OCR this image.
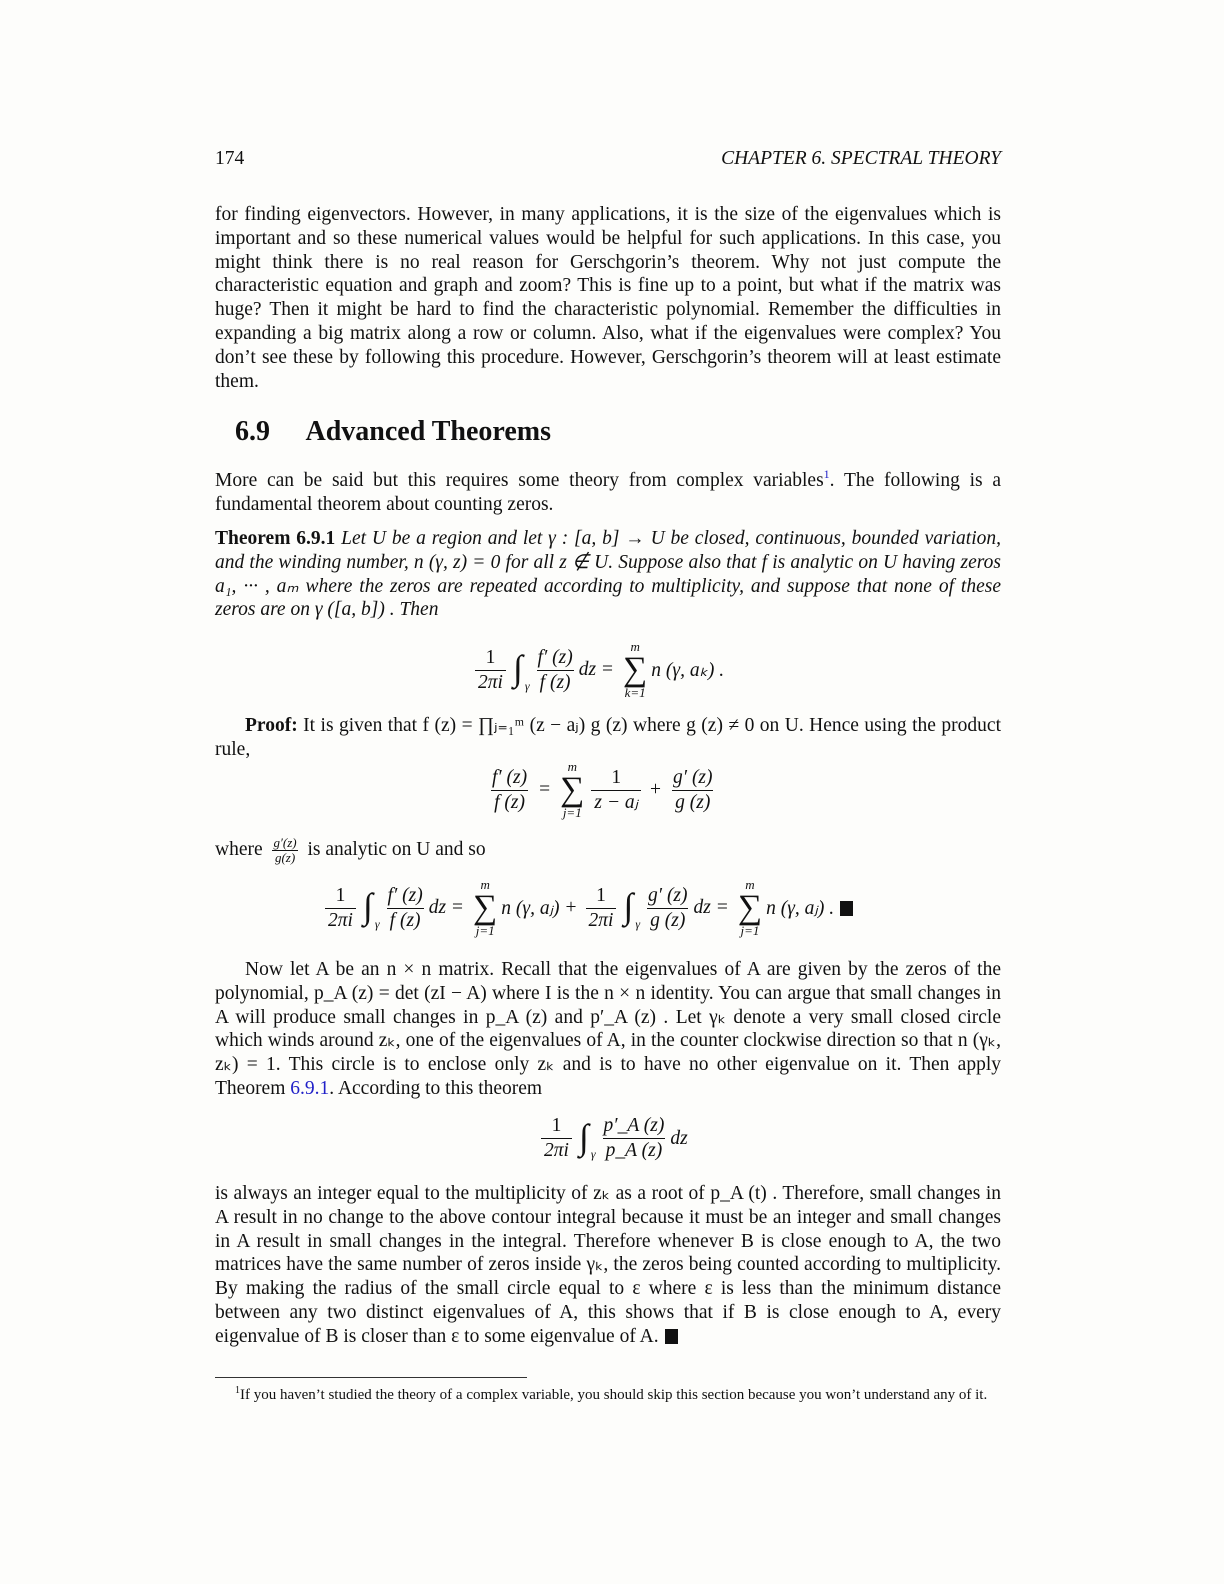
174	CHAPTER 6. SPECTRAL THEORY
for finding eigenvectors. However, in many applications, it is the size of the eigenvalues which is important and so these numerical values would be helpful for such applications. In this case, you might think there is no real reason for Gerschgorin’s theorem. Why not just compute the characteristic equation and graph and zoom? This is fine up to a point, but what if the matrix was huge? Then it might be hard to find the characteristic polynomial. Remember the difficulties in expanding a big matrix along a row or column. Also, what if the eigenvalues were complex? You don’t see these by following this procedure. However, Gerschgorin’s theorem will at least estimate them.
6.9 Advanced Theorems
More can be said but this requires some theory from complex variables$^1$. The following is a fundamental theorem about counting zeros.
Theorem 6.9.1 Let U be a region and let γ : [a, b] → U be closed, continuous, bounded variation, and the winding number, n (γ, z) = 0 for all z ∉ U. Suppose also that f is analytic on U having zeros a₁, ··· , aₘ where the zeros are repeated according to multiplicity, and suppose that none of these zeros are on γ ([a, b]) . Then
$\frac{1}{2\pi i}$ ∫ γ $\frac{f' (z)}{f (z)}$ dz =
m
∑
k=1
n (γ, aₖ) .
Proof: It is given that f (z) = ∏ⱼ₌₁ᵐ (z − aⱼ) g (z) where g (z) ≠ 0 on U. Hence using the product rule,
$\frac{f' (z)}{f (z)}$ =
m
∑
$j=1 \frac{1}{\text{z − aⱼ}} + \frac{g' (z)}{g (z)}$
where $\frac{g'(z)}{g(z)}$ is analytic on U and so
$\frac{1}{2\pi i}$ ∫ γ $\frac{f' (z)}{f (z)}$ dz =
m
∑
j=1
n (γ, aⱼ) + $\frac{1}{2\pi i}$ ∫ γ $\frac{g' (z)}{g (z)}$ dz =
m
∑
j=1
n (γ, aⱼ) .
Now let A be an n × n matrix. Recall that the eigenvalues of A are given by the zeros of the polynomial, p_A (z) = det (zI − A) where I is the n × n identity. You can argue that small changes in A will produce small changes in p_A (z) and p′_A (z) . Let γₖ denote a very small closed circle which winds around zₖ, one of the eigenvalues of A, in the counter clockwise direction so that n (γₖ, zₖ) = 1. This circle is to enclose only zₖ and is to have no other eigenvalue on it. Then apply Theorem 6.9.1. According to this theorem
$\frac{1}{2\pi i}$ ∫ γ $\frac{p'\_A (z)}{p\_A (z)}$ dz
is always an integer equal to the multiplicity of zₖ as a root of p_A (t) . Therefore, small changes in A result in no change to the above contour integral because it must be an integer and small changes in A result in small changes in the integral. Therefore whenever B is close enough to A, the two matrices have the same number of zeros inside γₖ, the zeros being counted according to multiplicity. By making the radius of the small circle equal to ε where ε is less than the minimum distance between any two distinct eigenvalues of A, this shows that if B is close enough to A, every eigenvalue of B is closer than ε to some eigenvalue of A.
$^1$If you haven’t studied the theory of a complex variable, you should skip this section because you won’t understand any of it.
